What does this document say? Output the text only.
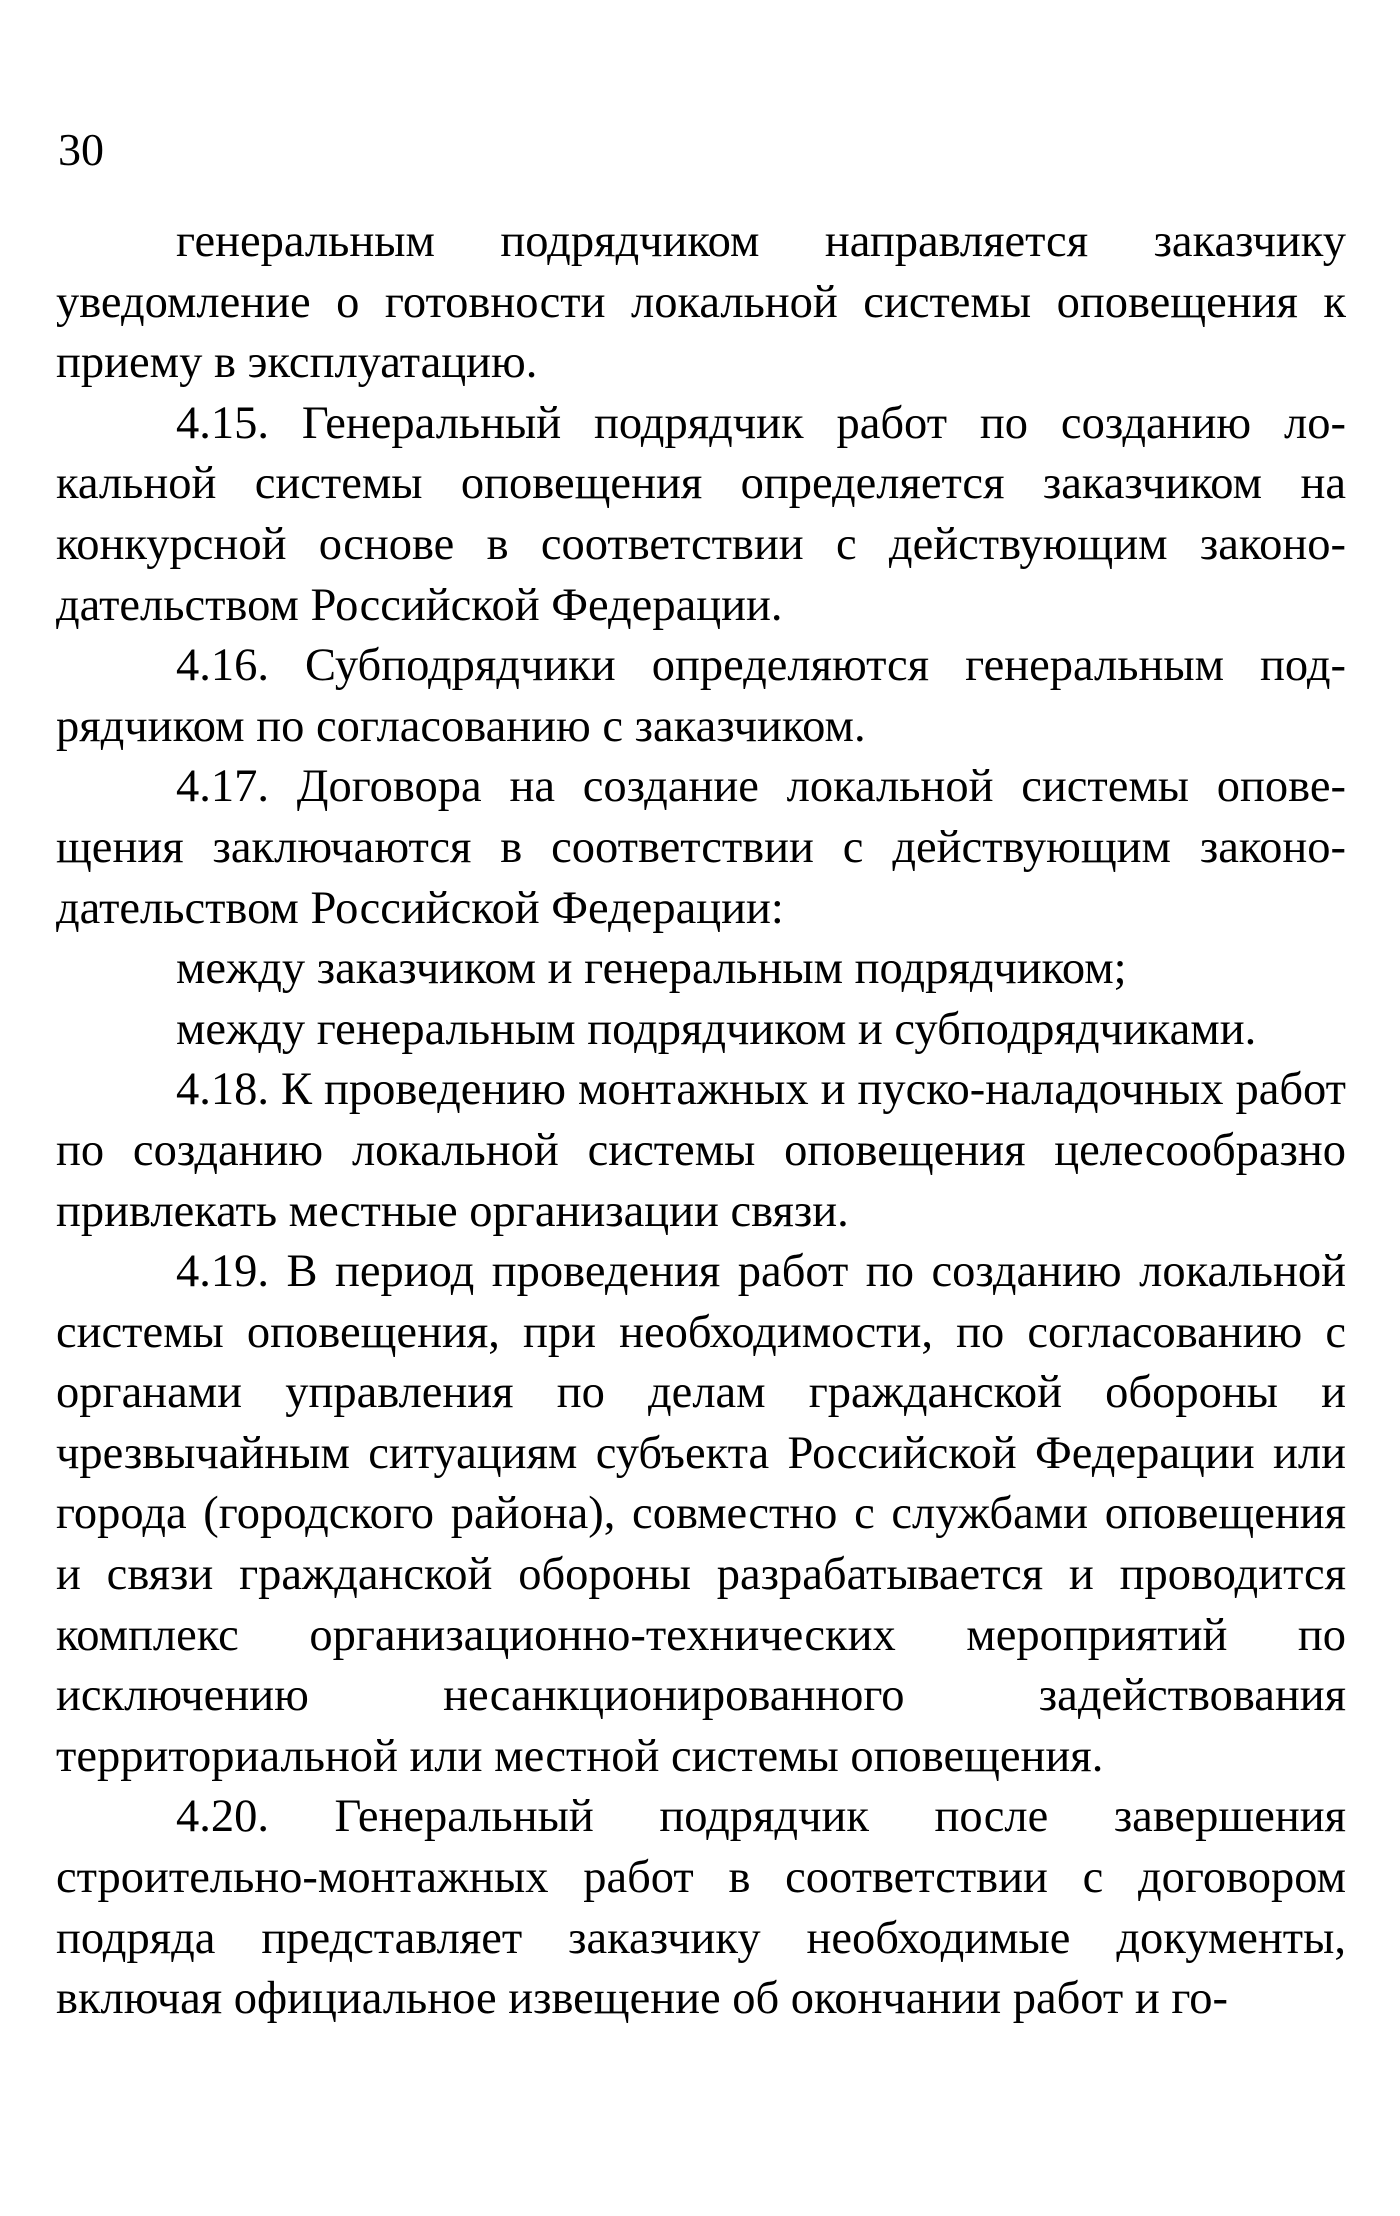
30

генеральным подрядчиком направляется заказчику уведомление о готовности локальной системы оповещения к приему в эксплуатацию.

4.15. Генеральный подрядчик работ по созданию локальной системы оповещения определяется заказчиком на конкурсной основе в соответствии с действующим законодательством Российской Федерации.

4.16. Субподрядчики определяются генеральным подрядчиком по согласованию с заказчиком.

4.17. Договора на создание локальной системы оповещения заключаются в соответствии с действующим законодательством Российской Федерации:

между заказчиком и генеральным подрядчиком;

между генеральным подрядчиком и субподрядчиками.

4.18. К проведению монтажных и пуско-наладочных работ по созданию локальной системы оповещения целесообразно привлекать местные организации связи.

4.19. В период проведения работ по созданию локальной системы оповещения, при необходимости, по согласованию с органами управления по делам гражданской обороны и чрезвычайным ситуациям субъекта Российской Федерации или города (городского района), совместно с службами оповещения и связи гражданской обороны разрабатывается и проводится комплекс организационно-технических мероприятий по исключению несанкционированного задействования территориальной или местной системы оповещения.

4.20. Генеральный подрядчик после завершения строительно-монтажных работ в соответствии с договором подряда представляет заказчику необходимые документы, включая официальное извещение об окончании работ и го-
